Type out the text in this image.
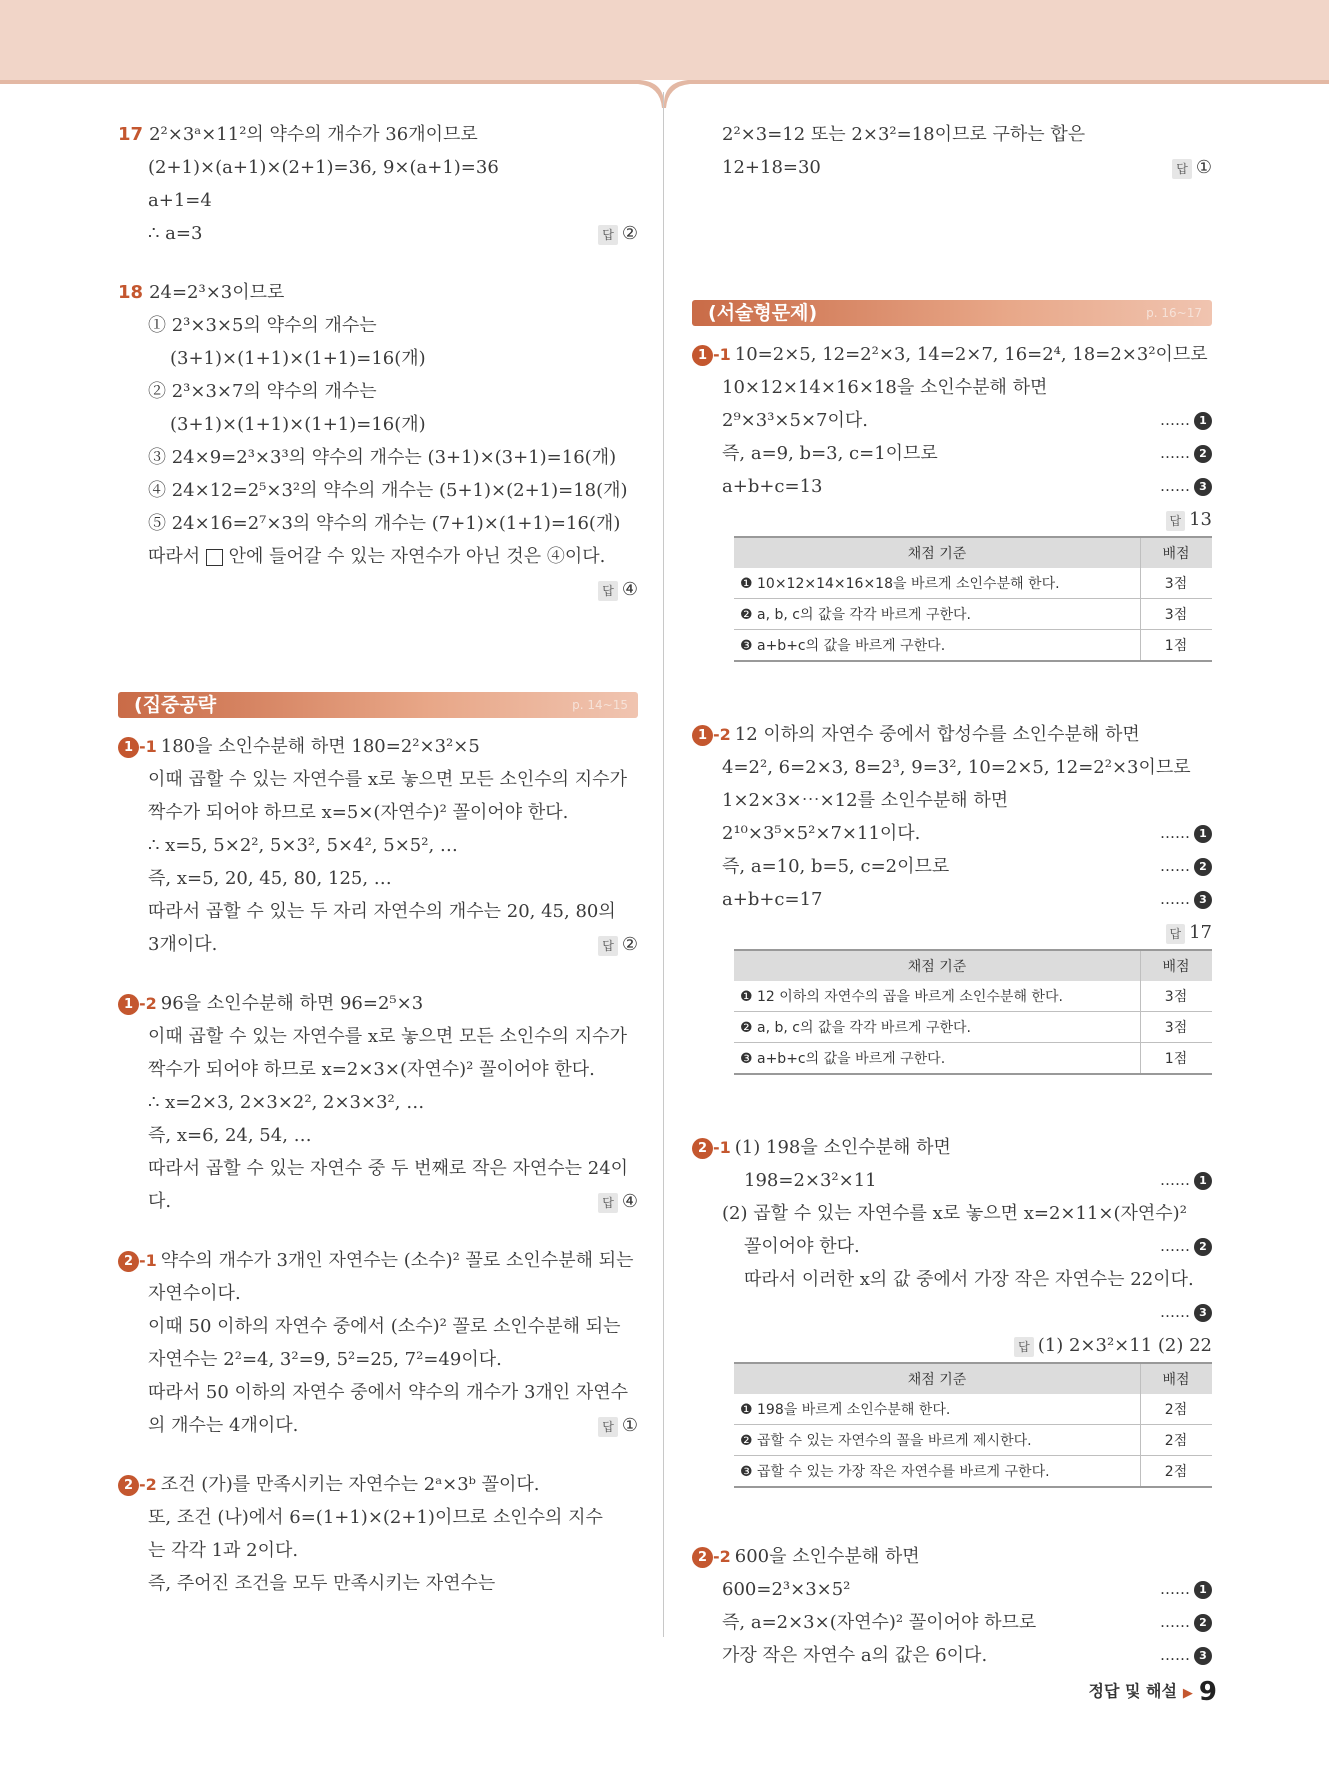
17 2²×3ᵃ×11²의 약수의 개수가 36개이므로
(2+1)×(a+1)×(2+1)=36, 9×(a+1)=36
a+1=4
∴ a=3	답 ②
18 24=2³×3이므로
① 2³×3×5의 약수의 개수는
(3+1)×(1+1)×(1+1)=16(개)
② 2³×3×7의 약수의 개수는
(3+1)×(1+1)×(1+1)=16(개)
③ 24×9=2³×3³의 약수의 개수는 (3+1)×(3+1)=16(개)
④ 24×12=2⁵×3²의 약수의 개수는 (5+1)×(2+1)=18(개)
⑤ 24×16=2⁷×3의 약수의 개수는 (7+1)×(1+1)=16(개)
따라서 안에 들어갈 수 있는 자연수가 아닌 것은 ④이다.
답 ④
(집중공략	p. 14~15
1 -1 180을 소인수분해 하면 180=2²×3²×5
이때 곱할 수 있는 자연수를 x로 놓으면 모든 소인수의 지수가
짝수가 되어야 하므로 x=5×(자연수)² 꼴이어야 한다.
∴ x=5, 5×2², 5×3², 5×4², 5×5², …
즉, x=5, 20, 45, 80, 125, …
따라서 곱할 수 있는 두 자리 자연수의 개수는 20, 45, 80의
3개이다.	답 ②
1 -2 96을 소인수분해 하면 96=2⁵×3
이때 곱할 수 있는 자연수를 x로 놓으면 모든 소인수의 지수가
짝수가 되어야 하므로 x=2×3×(자연수)² 꼴이어야 한다.
∴ x=2×3, 2×3×2², 2×3×3², …
즉, x=6, 24, 54, …
따라서 곱할 수 있는 자연수 중 두 번째로 작은 자연수는 24이
다.	답 ④
2 -1 약수의 개수가 3개인 자연수는 (소수)² 꼴로 소인수분해 되는
자연수이다.
이때 50 이하의 자연수 중에서 (소수)² 꼴로 소인수분해 되는
자연수는 2²=4, 3²=9, 5²=25, 7²=49이다.
따라서 50 이하의 자연수 중에서 약수의 개수가 3개인 자연수
의 개수는 4개이다.	답 ①
2 -2 조건 (가)를 만족시키는 자연수는 2ᵃ×3ᵇ 꼴이다.
또, 조건 (나)에서 6=(1+1)×(2+1)이므로 소인수의 지수
는 각각 1과 2이다.
즉, 주어진 조건을 모두 만족시키는 자연수는
2²×3=12 또는 2×3²=18이므로 구하는 합은
12+18=30	답 ①
(서술형문제)	p. 16~17
1 -1 10=2×5, 12=2²×3, 14=2×7, 16=2⁴, 18=2×3²이므로
10×12×14×16×18을 소인수분해 하면
2⁹×3³×5×7이다.	…… 1
즉, a=9, b=3, c=1이므로	…… 2
a+b+c=13	…… 3
답 13
채점 기준	배점
❶ 10×12×14×16×18을 바르게 소인수분해 한다.	3점
❷ a, b, c의 값을 각각 바르게 구한다.	3점
❸ a+b+c의 값을 바르게 구한다.	1점
1 -2 12 이하의 자연수 중에서 합성수를 소인수분해 하면
4=2², 6=2×3, 8=2³, 9=3², 10=2×5, 12=2²×3이므로
1×2×3×⋯×12를 소인수분해 하면
2¹⁰×3⁵×5²×7×11이다.	…… 1
즉, a=10, b=5, c=2이므로	…… 2
a+b+c=17	…… 3
답 17
채점 기준	배점
❶ 12 이하의 자연수의 곱을 바르게 소인수분해 한다.	3점
❷ a, b, c의 값을 각각 바르게 구한다.	3점
❸ a+b+c의 값을 바르게 구한다.	1점
2 -1 (1) 198을 소인수분해 하면
198=2×3²×11	…… 1
(2) 곱할 수 있는 자연수를 x로 놓으면 x=2×11×(자연수)²
꼴이어야 한다.	…… 2
따라서 이러한 x의 값 중에서 가장 작은 자연수는 22이다.
…… 3
답 (1) 2×3²×11 (2) 22
채점 기준	배점
❶ 198을 바르게 소인수분해 한다.	2점
❷ 곱할 수 있는 자연수의 꼴을 바르게 제시한다.	2점
❸ 곱할 수 있는 가장 작은 자연수를 바르게 구한다.	2점
2 -2 600을 소인수분해 하면
600=2³×3×5²	…… 1
즉, a=2×3×(자연수)² 꼴이어야 하므로	…… 2
가장 작은 자연수 a의 값은 6이다.	…… 3
정답 및 해설 ▶ 9
